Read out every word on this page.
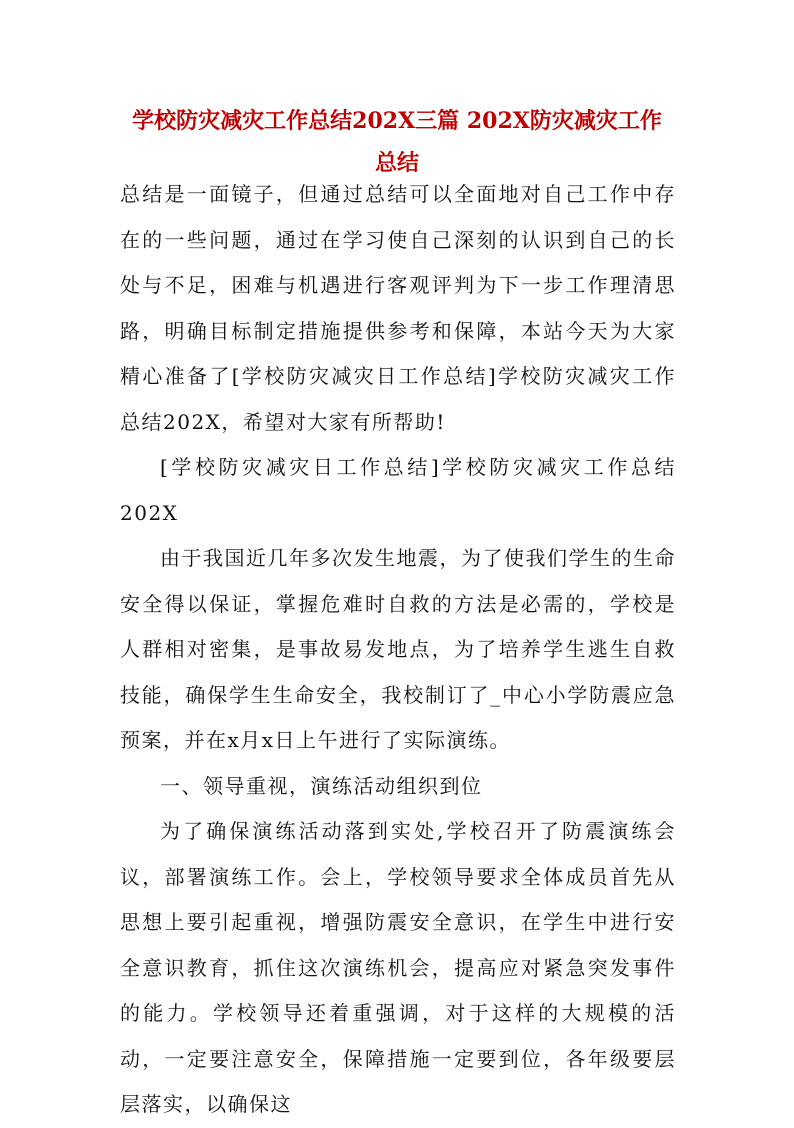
学校防灾减灾工作总结202X三篇 202X防灾减灾工作
总结

总结是一面镜子，但通过总结可以全面地对自己工作中存在的一些问题，通过在学习使自己深刻的认识到自己的长处与不足，困难与机遇进行客观评判为下一步工作理清思路，明确目标制定措施提供参考和保障，本站今天为大家精心准备了[学校防灾减灾日工作总结]学校防灾减灾工作总结202X，希望对大家有所帮助!

[学校防灾减灾日工作总结]学校防灾减灾工作总结202X

由于我国近几年多次发生地震，为了使我们学生的生命安全得以保证，掌握危难时自救的方法是必需的，学校是人群相对密集，是事故易发地点，为了培养学生逃生自救技能，确保学生生命安全，我校制订了_中心小学防震应急预案，并在x月x日上午进行了实际演练。

一、领导重视，演练活动组织到位

为了确保演练活动落到实处,学校召开了防震演练会议，部署演练工作。会上，学校领导要求全体成员首先从思想上要引起重视，增强防震安全意识，在学生中进行安全意识教育，抓住这次演练机会，提高应对紧急突发事件的能力。学校领导还着重强调，对于这样的大规模的活动，一定要注意安全，保障措施一定要到位，各年级要层层落实，以确保这
